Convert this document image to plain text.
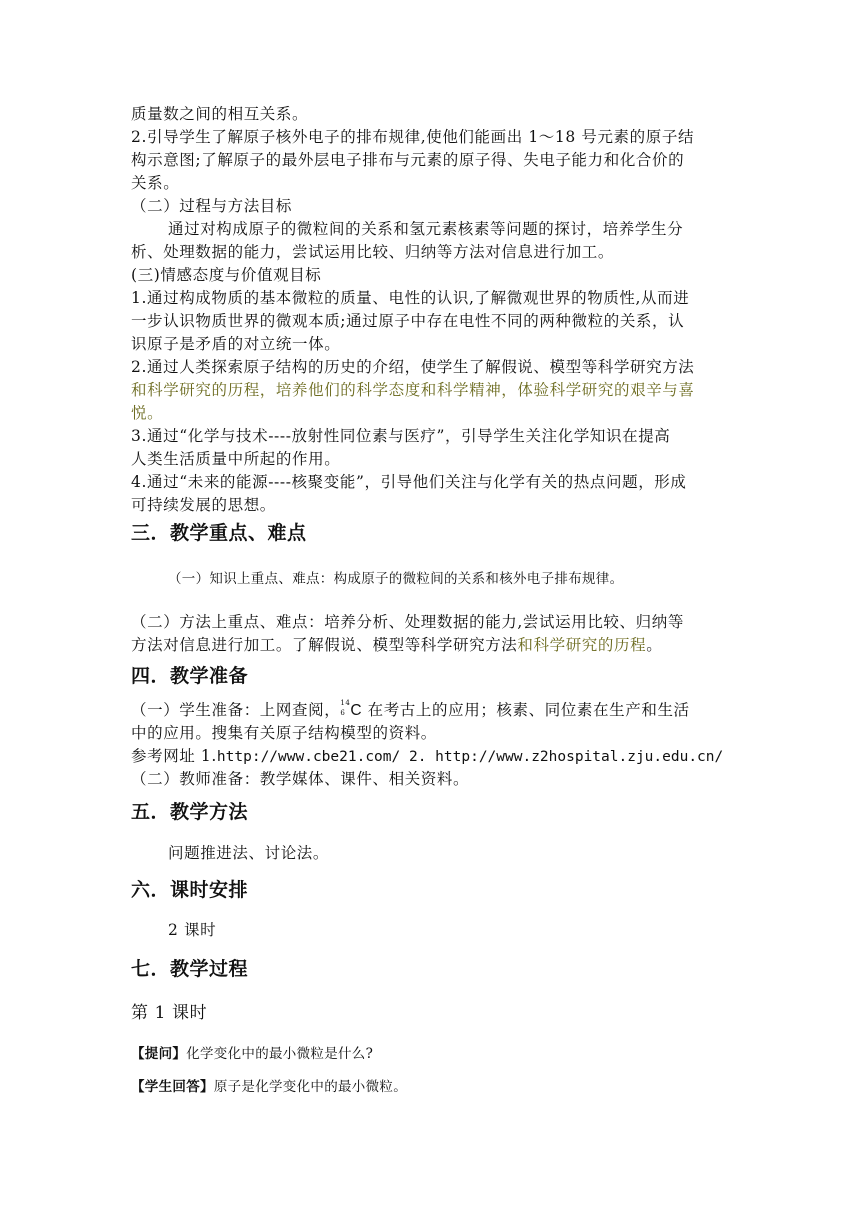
质量数之间的相互关系。
2.引导学生了解原子核外电子的排布规律,使他们能画出 1～18 号元素的原子结
构示意图;了解原子的最外层电子排布与元素的原子得、失电子能力和化合价的
关系。
（二）过程与方法目标
通过对构成原子的微粒间的关系和氢元素核素等问题的探讨，培养学生分
析、处理数据的能力，尝试运用比较、归纳等方法对信息进行加工。
(三)情感态度与价值观目标
1.通过构成物质的基本微粒的质量、电性的认识,了解微观世界的物质性,从而进
一步认识物质世界的微观本质;通过原子中存在电性不同的两种微粒的关系，认
识原子是矛盾的对立统一体。
2.通过人类探索原子结构的历史的介绍，使学生了解假说、模型等科学研究方法
和科学研究的历程，培养他们的科学态度和科学精神，体验科学研究的艰辛与喜
悦。
3.通过“化学与技术----放射性同位素与医疗”，引导学生关注化学知识在提高
人类生活质量中所起的作用。
4.通过“未来的能源----核聚变能”，引导他们关注与化学有关的热点问题，形成
可持续发展的思想。
三．教学重点、难点
（一）知识上重点、难点：构成原子的微粒间的关系和核外电子排布规律。
（二）方法上重点、难点：培养分析、处理数据的能力,尝试运用比较、归纳等
方法对信息进行加工。了解假说、模型等科学研究方法和科学研究的历程。
四．教学准备
（一）学生准备：上网查阅， 14
6 C 在考古上的应用；核素、同位素在生产和生活
中的应用。搜集有关原子结构模型的资料。
参考网址 1.http://www.cbe21.com/ 2. http://www.z2hospital.zju.edu.cn/
（二）教师准备：教学媒体、课件、相关资料。
五．教学方法
问题推进法、讨论法。
六．课时安排
2 课时
七．教学过程
第 1 课时
【提问】化学变化中的最小微粒是什么?
【学生回答】原子是化学变化中的最小微粒。
